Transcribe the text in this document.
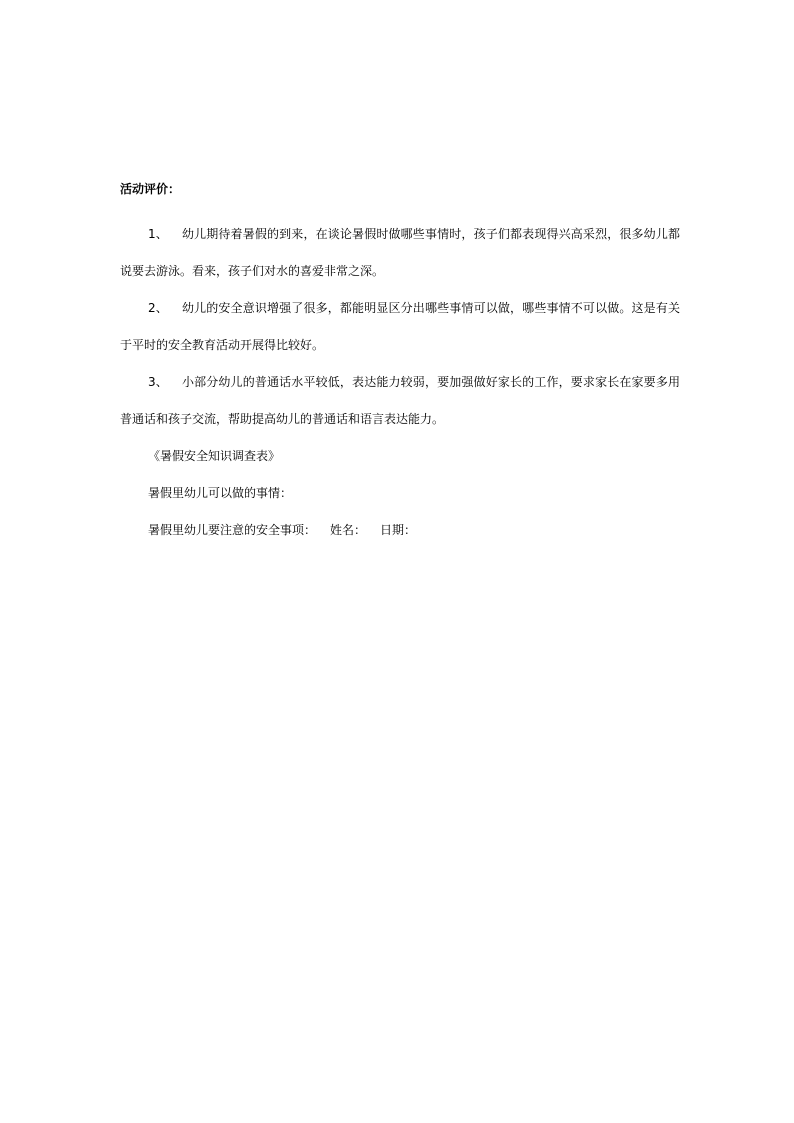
活动评价：

1、 幼儿期待着暑假的到来，在谈论暑假时做哪些事情时，孩子们都表现得兴高采烈，很多幼儿都说要去游泳。看来，孩子们对水的喜爱非常之深。

2、 幼儿的安全意识增强了很多，都能明显区分出哪些事情可以做，哪些事情不可以做。这是有关于平时的安全教育活动开展得比较好。

3、 小部分幼儿的普通话水平较低，表达能力较弱，要加强做好家长的工作，要求家长在家要多用普通话和孩子交流，帮助提高幼儿的普通话和语言表达能力。

《暑假安全知识调查表》

暑假里幼儿可以做的事情：

暑假里幼儿要注意的安全事项： 姓名： 日期：
